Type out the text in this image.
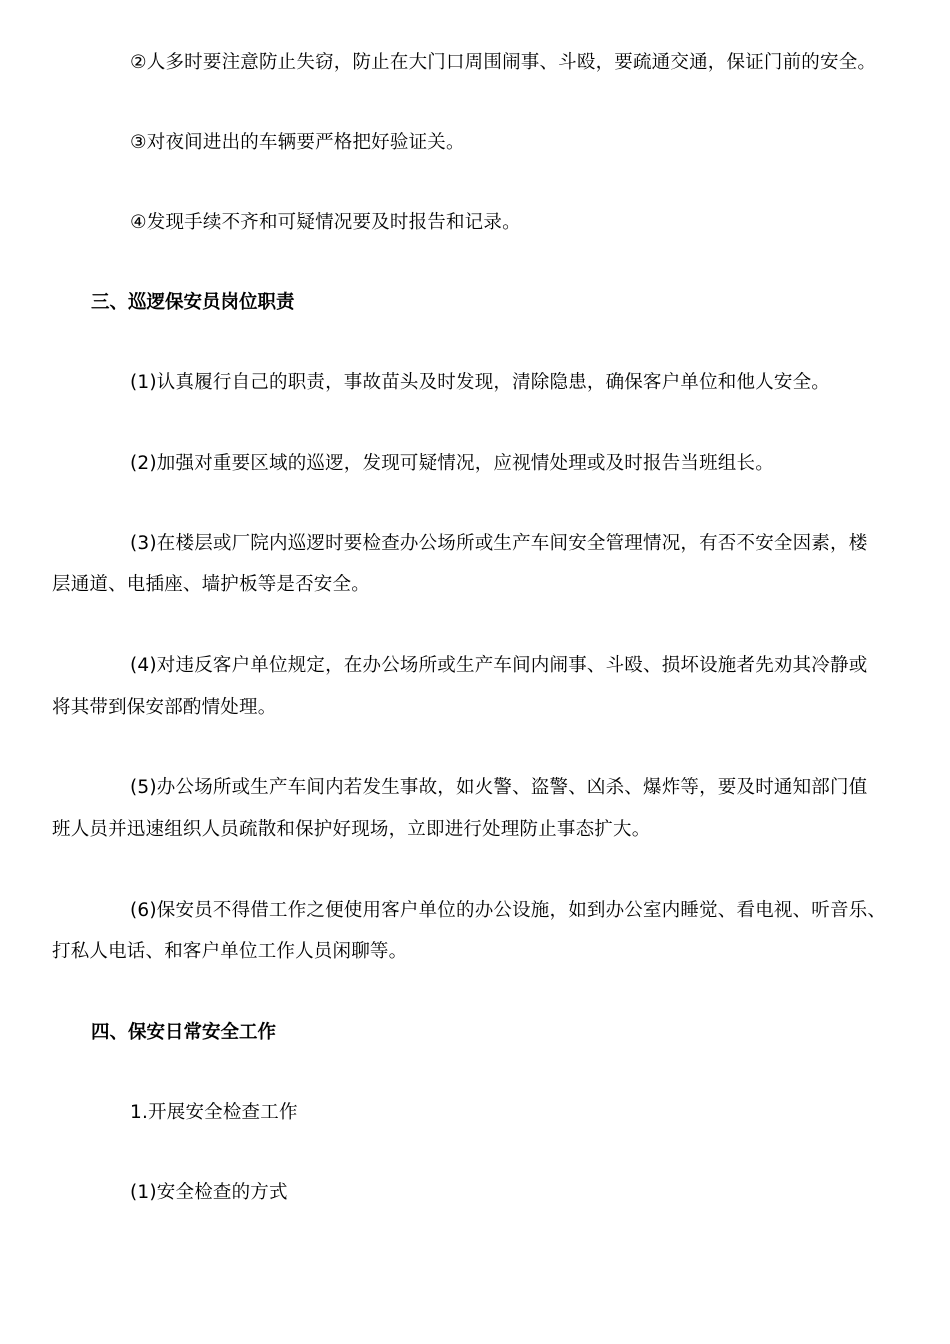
②人多时要注意防止失窃，防止在大门口周围闹事、斗殴，要疏通交通，保证门前的安全。
③对夜间进出的车辆要严格把好验证关。
④发现手续不齐和可疑情况要及时报告和记录。
三、巡逻保安员岗位职责
(1)认真履行自己的职责，事故苗头及时发现，清除隐患，确保客户单位和他人安全。
(2)加强对重要区域的巡逻，发现可疑情况，应视情处理或及时报告当班组长。
(3)在楼层或厂院内巡逻时要检查办公场所或生产车间安全管理情况，有否不安全因素，楼
层通道、电插座、墙护板等是否安全。
(4)对违反客户单位规定，在办公场所或生产车间内闹事、斗殴、损坏设施者先劝其冷静或
将其带到保安部酌情处理。
(5)办公场所或生产车间内若发生事故，如火警、盗警、凶杀、爆炸等，要及时通知部门值
班人员并迅速组织人员疏散和保护好现场，立即进行处理防止事态扩大。
(6)保安员不得借工作之便使用客户单位的办公设施，如到办公室内睡觉、看电视、听音乐、
打私人电话、和客户单位工作人员闲聊等。
四、保安日常安全工作
1.开展安全检查工作
(1)安全检查的方式
